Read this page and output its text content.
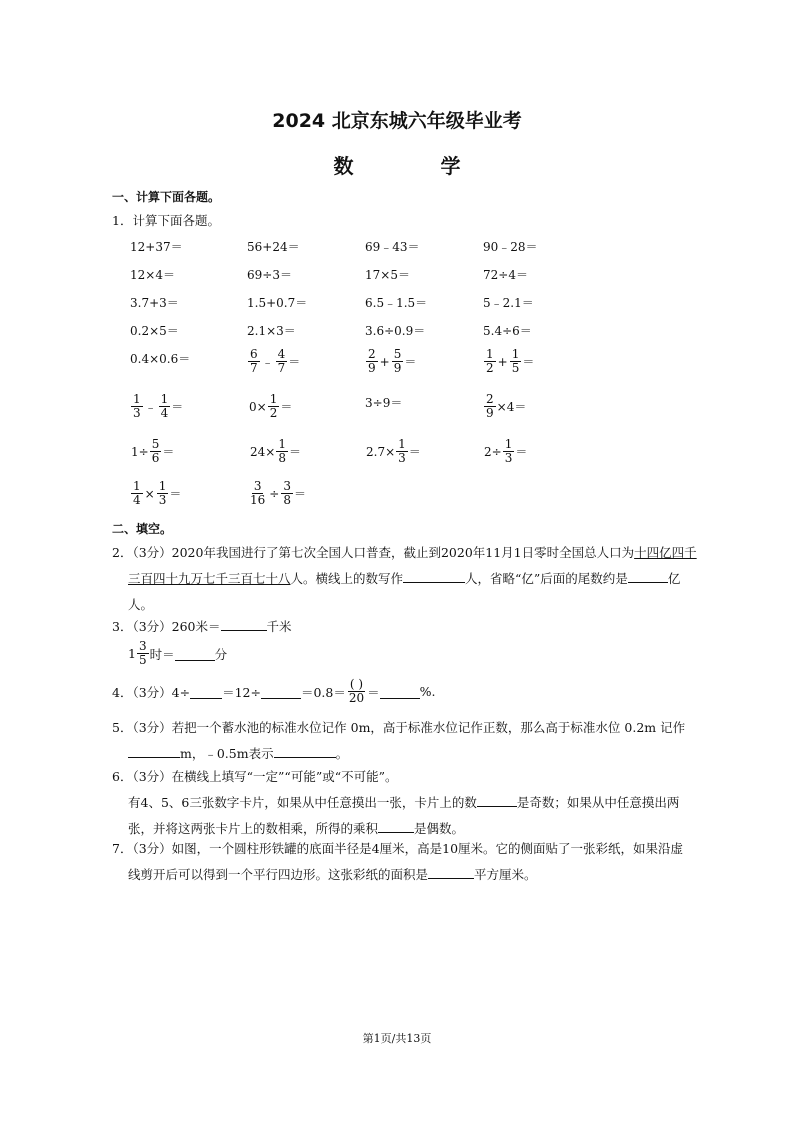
2024 北京东城六年级毕业考
数 学
一、计算下面各题。
1．计算下面各题。
12+37＝	56+24＝	69﹣43＝	90﹣28＝
12×4＝	69÷3＝	17×5＝	72÷4＝
3.7+3＝	1.5+0.7＝	6.5﹣1.5＝	5﹣2.1＝
0.2×5＝	2.1×3＝	3.6÷0.9＝	5.4÷6＝
0.4×0.6＝	$\frac{6}{7}$ ﹣ $\frac{4}{7}$ ＝	$\frac{2}{9} + \frac{5}{9}$ ＝	$\frac{1}{2} + \frac{1}{5}$ ＝
$\frac{1}{3}$ ﹣ $\frac{1}{4}$ ＝	$0\times \frac{1}{2}$ ＝	3÷9＝	$\frac{2}{9} \times 4=$
$1\div \frac{5}{6}$ ＝	$24\times \frac{1}{8}$ ＝	$2.7\times \frac{1}{3}$ ＝	$2\div \frac{1}{3}$ ＝
$\frac{1}{4} \times \frac{1}{3}$ ＝	$\frac{3}{16} \div \frac{3}{8}$ ＝
二、填空。
2．（3分）2020年我国进行了第七次全国人口普查，截止到2020年11月1日零时全国总人口为十四亿四千
三百四十九万七千三百七十八人。横线上的数写作	人，省略“亿”后面的尾数约是	亿
人。
3．（3分）260米＝	千米
$1 \frac{3}{5}$ 时＝	分
4．（3分）4÷	＝12÷	$=0.8= \frac{( )}{20}$ ＝	%.
5．（3分）若把一个蓄水池的标准水位记作 0m，高于标准水位记作正数，那么高于标准水位 0.2m 记作
m，﹣0.5m表示	。
6．（3分）在横线上填写“一定”“可能”或“不可能”。
有4、5、6三张数字卡片，如果从中任意摸出一张，卡片上的数	是奇数；如果从中任意摸出两
张，并将这两张卡片上的数相乘，所得的乘积	是偶数。
7．（3分）如图，一个圆柱形铁罐的底面半径是4厘米，高是10厘米。它的侧面贴了一张彩纸，如果沿虚
线剪开后可以得到一个平行四边形。这张彩纸的面积是	平方厘米。
第1页/共13页
